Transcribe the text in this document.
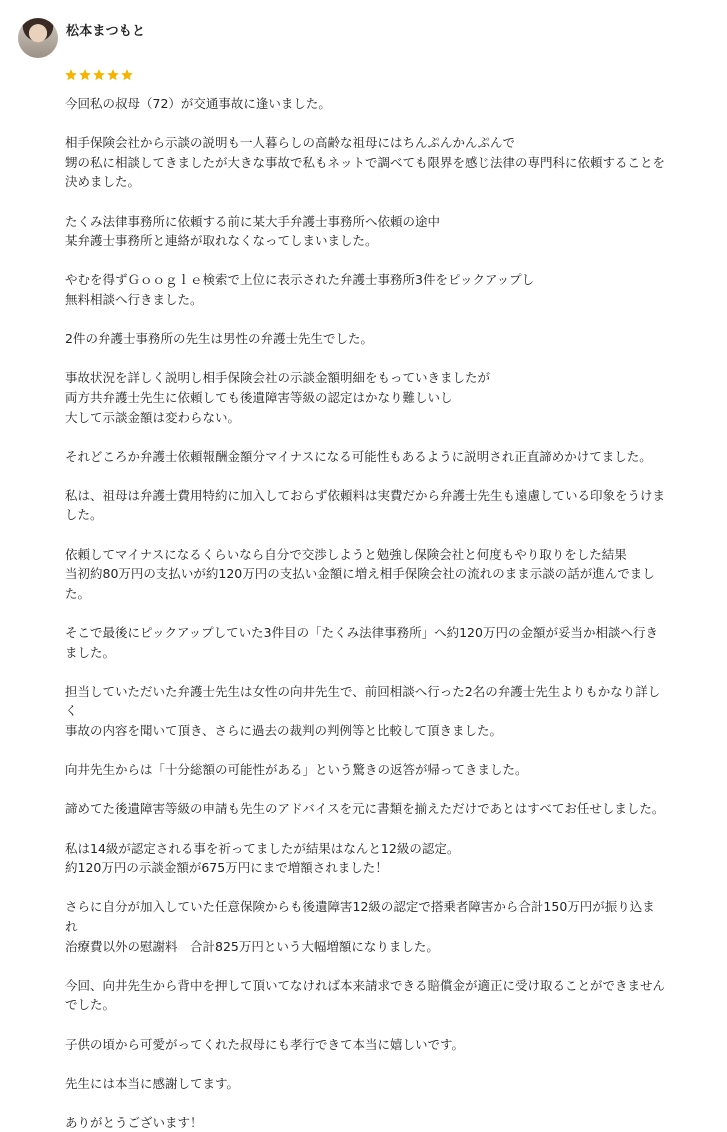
松本まつもと

今回私の叔母（72）が交通事故に逢いました。

相手保険会社から示談の説明も一人暮らしの高齢な祖母にはちんぷんかんぷんで
甥の私に相談してきましたが大きな事故で私もネットで調べても限界を感じ法律の専門科に依頼することを決めました。

たくみ法律事務所に依頼する前に某大手弁護士事務所へ依頼の途中
某弁護士事務所と連絡が取れなくなってしまいました。

やむを得ずＧｏｏｇｌｅ検索で上位に表示された弁護士事務所3件をピックアップし
無料相談へ行きました。

2件の弁護士事務所の先生は男性の弁護士先生でした。

事故状況を詳しく説明し相手保険会社の示談金額明細をもっていきましたが
両方共弁護士先生に依頼しても後遺障害等級の認定はかなり難しいし
大して示談金額は変わらない。

それどころか弁護士依頼報酬金額分マイナスになる可能性もあるように説明され正直諦めかけてました。

私は、祖母は弁護士費用特約に加入しておらず依頼料は実費だから弁護士先生も遠慮している印象をうけました。

依頼してマイナスになるくらいなら自分で交渉しようと勉強し保険会社と何度もやり取りをした結果
当初約80万円の支払いが約120万円の支払い金額に増え相手保険会社の流れのまま示談の話が進んでました。

そこで最後にピックアップしていた3件目の「たくみ法律事務所」へ約120万円の金額が妥当か相談へ行きました。

担当していただいた弁護士先生は女性の向井先生で、前回相談へ行った2名の弁護士先生よりもかなり詳しく
事故の内容を聞いて頂き、さらに過去の裁判の判例等と比較して頂きました。

向井先生からは「十分総額の可能性がある」という驚きの返答が帰ってきました。

諦めてた後遺障害等級の申請も先生のアドバイスを元に書類を揃えただけであとはすべてお任せしました。

私は14級が認定される事を祈ってましたが結果はなんと12級の認定。
約120万円の示談金額が675万円にまで増額されました！

さらに自分が加入していた任意保険からも後遺障害12級の認定で搭乗者障害から合計150万円が振り込まれ
治療費以外の慰謝料　合計825万円という大幅増額になりました。

今回、向井先生から背中を押して頂いてなければ本来請求できる賠償金が適正に受け取ることができませんでした。

子供の頃から可愛がってくれた叔母にも孝行できて本当に嬉しいです。

先生には本当に感謝してます。

ありがとうございます！
